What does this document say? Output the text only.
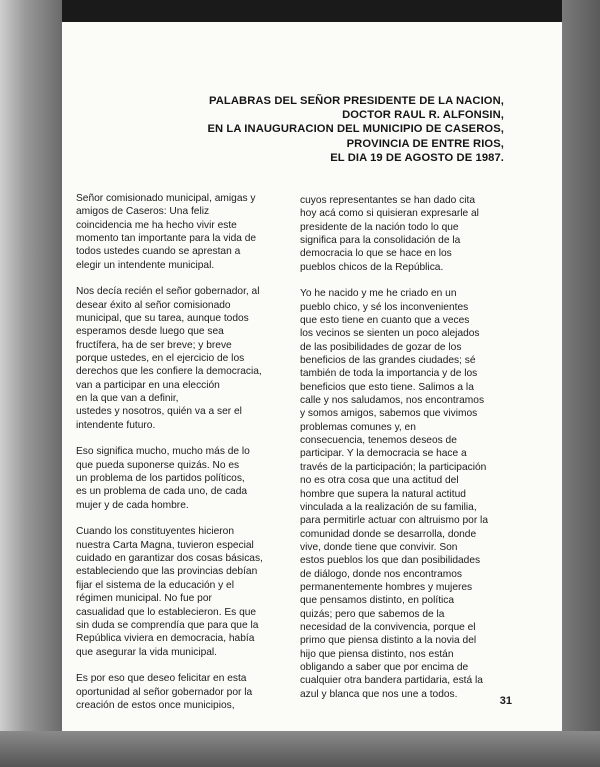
PALABRAS DEL SEÑOR PRESIDENTE DE LA NACION,
DOCTOR RAUL R. ALFONSIN,
EN LA INAUGURACION DEL MUNICIPIO DE CASEROS,
PROVINCIA DE ENTRE RIOS,
EL DIA 19 DE AGOSTO DE 1987.

Señor comisionado municipal, amigas y
amigos de Caseros: Una feliz
coincidencia me ha hecho vivir este
momento tan importante para la vida de
todos ustedes cuando se aprestan a
elegir un intendente municipal.

Nos decía recién el señor gobernador, al
desear éxito al señor comisionado
municipal, que su tarea, aunque todos
esperamos desde luego que sea
fructífera, ha de ser breve; y breve
porque ustedes, en el ejercicio de los
derechos que les confiere la democracia,
van a participar en una elección
en la que van a definir,
ustedes y nosotros, quién va a ser el
intendente futuro.

Eso significa mucho, mucho más de lo
que pueda suponerse quizás. No es
un problema de los partidos políticos,
es un problema de cada uno, de cada
mujer y de cada hombre.

Cuando los constituyentes hicieron
nuestra Carta Magna, tuvieron especial
cuidado en garantizar dos cosas básicas,
estableciendo que las provincias debían
fijar el sistema de la educación y el
régimen municipal. No fue por
casualidad que lo establecieron. Es que
sin duda se comprendía que para que la
República viviera en democracia, había
que asegurar la vida municipal.

Es por eso que deseo felicitar en esta
oportunidad al señor gobernador por la
creación de estos once municipios,

cuyos representantes se han dado cita
hoy acá como si quisieran expresarle al
presidente de la nación todo lo que
significa para la consolidación de la
democracia lo que se hace en los
pueblos chicos de la República.

Yo he nacido y me he criado en un
pueblo chico, y sé los inconvenientes
que esto tiene en cuanto que a veces
los vecinos se sienten un poco alejados
de las posibilidades de gozar de los
beneficios de las grandes ciudades; sé
también de toda la importancia y de los
beneficios que esto tiene. Salimos a la
calle y nos saludamos, nos encontramos
y somos amigos, sabemos que vivimos
problemas comunes y, en
consecuencia, tenemos deseos de
participar. Y la democracia se hace a
través de la participación; la participación
no es otra cosa que una actitud del
hombre que supera la natural actitud
vinculada a la realización de su familia,
para permitirle actuar con altruismo por la
comunidad donde se desarrolla, donde
vive, donde tiene que convivir. Son
estos pueblos los que dan posibilidades
de diálogo, donde nos encontramos
permanentemente hombres y mujeres
que pensamos distinto, en política
quizás; pero que sabemos de la
necesidad de la convivencia, porque el
primo que piensa distinto a la novia del
hijo que piensa distinto, nos están
obligando a saber que por encima de
cualquier otra bandera partidaria, está la
azul y blanca que nos une a todos.

31
